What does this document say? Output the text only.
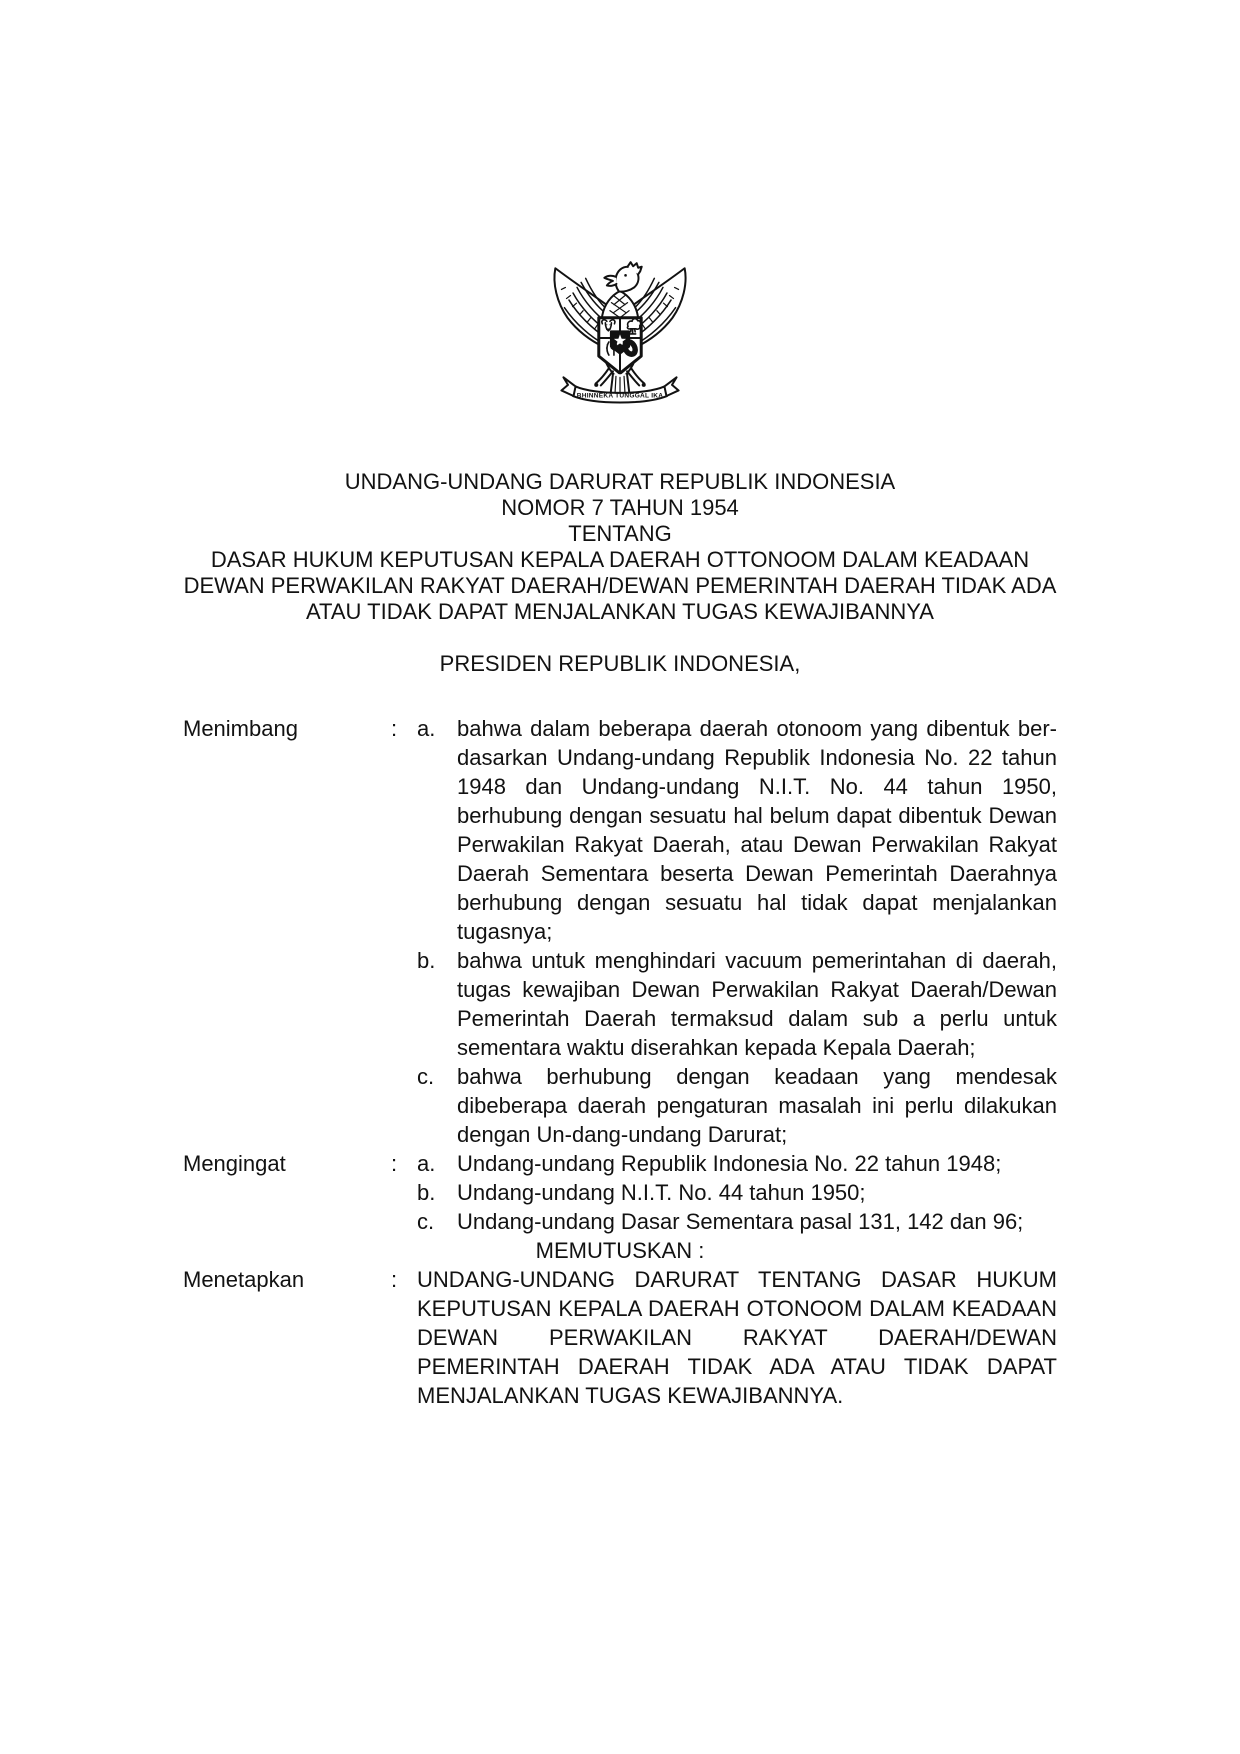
BHINNEKA TUNGGAL IKA
UNDANG-UNDANG DARURAT REPUBLIK INDONESIA
NOMOR 7 TAHUN 1954
TENTANG
DASAR HUKUM KEPUTUSAN KEPALA DAERAH OTTONOOM DALAM KEADAAN
DEWAN PERWAKILAN RAKYAT DAERAH/DEWAN PEMERINTAH DAERAH TIDAK ADA
ATAU TIDAK DAPAT MENJALANKAN TUGAS KEWAJIBANNYA
PRESIDEN REPUBLIK INDONESIA,
Menimbang	: a. bahwa dalam beberapa daerah otonoom yang dibentuk ber-dasarkan Undang-undang Republik Indonesia No. 22 tahun 1948 dan Undang-undang N.I.T. No. 44 tahun 1950, berhubung dengan sesuatu hal belum dapat dibentuk Dewan Perwakilan Rakyat Daerah, atau Dewan Perwakilan Rakyat Daerah Sementara beserta Dewan Pemerintah Daerahnya berhubung dengan sesuatu hal tidak dapat menjalankan tugasnya;
b. bahwa untuk menghindari vacuum pemerintahan di daerah, tugas kewajiban Dewan Perwakilan Rakyat Daerah/Dewan Pemerintah Daerah termaksud dalam sub a perlu untuk sementara waktu diserahkan kepada Kepala Daerah;
c.	bahwa berhubung dengan keadaan yang mendesak dibeberapa daerah pengaturan masalah ini perlu dilakukan dengan Un-dang-undang Darurat;
Mengingat	: a. Undang-undang Republik Indonesia No. 22 tahun 1948;
b. Undang-undang N.I.T. No. 44 tahun 1950;
c.	Undang-undang Dasar Sementara pasal 131, 142 dan 96;
MEMUTUSKAN :
Menetapkan	: UNDANG-UNDANG DARURAT TENTANG DASAR HUKUM KEPUTUSAN KEPALA DAERAH OTONOOM DALAM KEADAAN DEWAN PERWAKILAN RAKYAT DAERAH/DEWAN PEMERINTAH DAERAH TIDAK ADA ATAU TIDAK DAPAT MENJALANKAN TUGAS KEWAJIBANNYA.
